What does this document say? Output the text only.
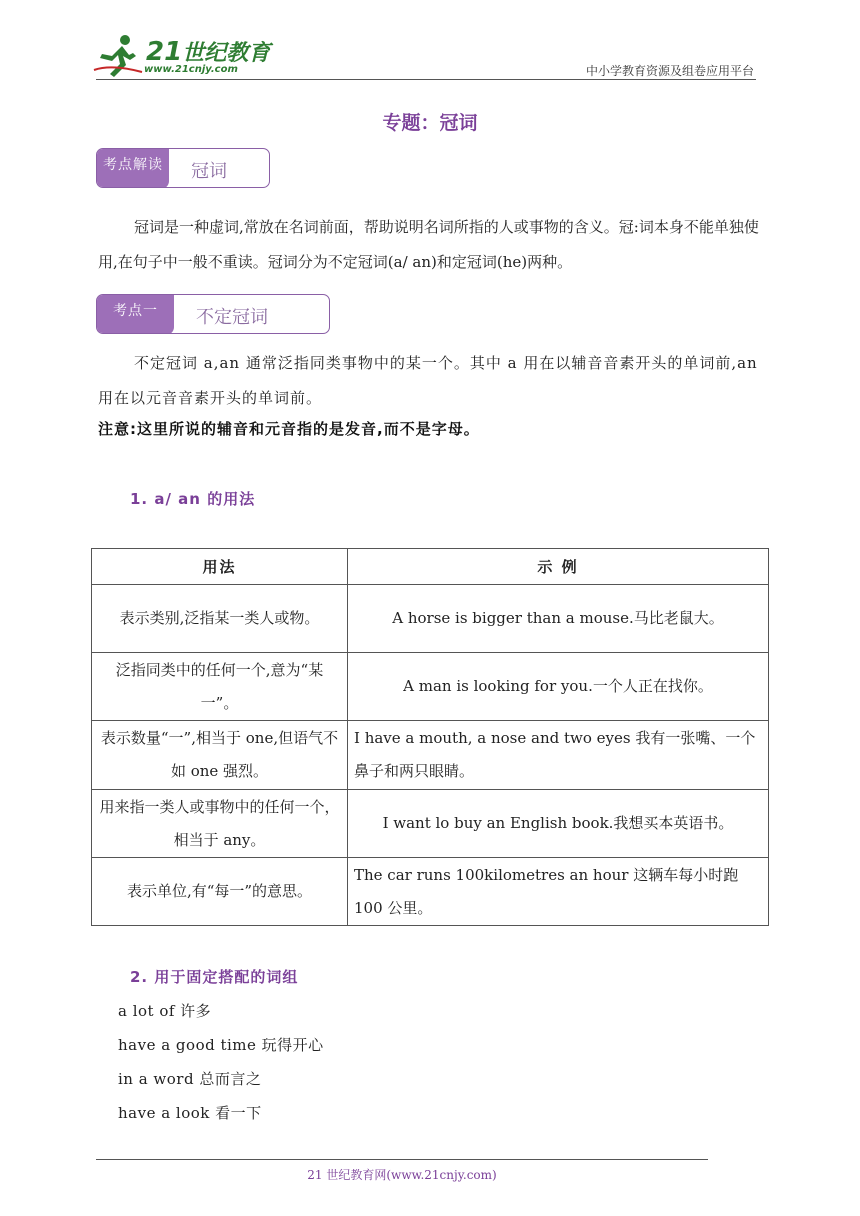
21世纪教育
www.21cnjy.com	中小学教育资源及组卷应用平台
专题：冠词
考点解读	冠词
冠词是一种虚词,常放在名词前面，帮助说明名词所指的人或事物的含义。冠:词本身不能单独使用,在句子中一般不重读。冠词分为不定冠词(a/ an)和定冠词(he)两种。
考点一	不定冠词
不定冠词 a,an 通常泛指同类事物中的某一个。其中 a 用在以辅音音素开头的单词前,an 用在以元音音素开头的单词前。
注意:这里所说的辅音和元音指的是发音,而不是字母。
1. a/ an 的用法
用法	示 例
表示类别,泛指某一类人或物。	A horse is bigger than a mouse.马比老鼠大。
泛指同类中的任何一个,意为“某一”。	A man is looking for you.一个人正在找你。
表示数量“一”,相当于 one,但语气不如 one 强烈。	I have a mouth, a nose and two eyes 我有一张嘴、一个鼻子和两只眼睛。
用来指一类人或事物中的任何一个，相当于 any。	I want lo buy an English book.我想买本英语书。
表示单位,有“每一”的意思。	The car runs 100kilometres an hour 这辆车每小时跑 100 公里。
2. 用于固定搭配的词组
a lot of 许多
have a good time 玩得开心
in a word 总而言之
have a look 看一下
21 世纪教育网(www.21cnjy.com)
